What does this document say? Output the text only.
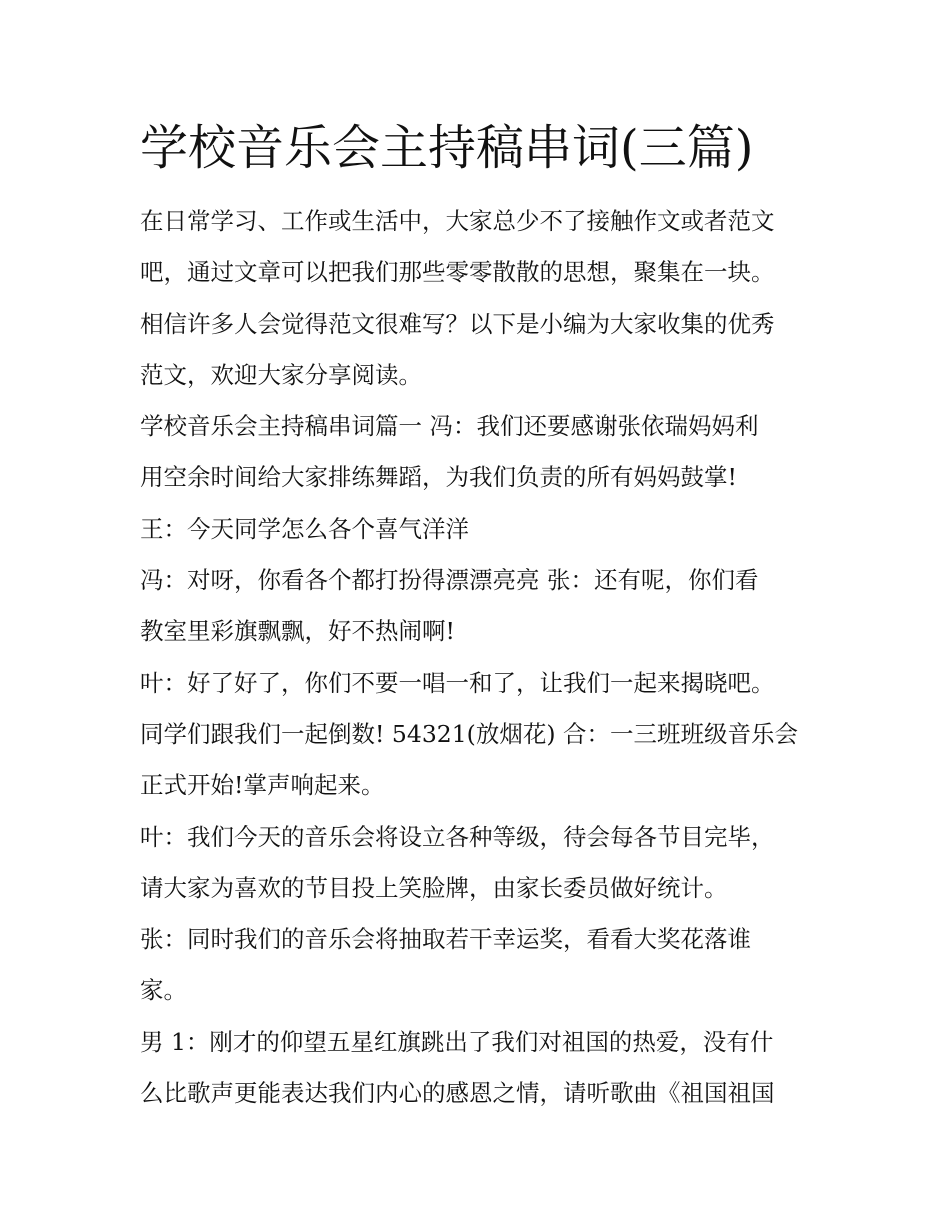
学校音乐会主持稿串词(三篇)
在日常学习、工作或生活中，大家总少不了接触作文或者范文
吧，通过文章可以把我们那些零零散散的思想，聚集在一块。
相信许多人会觉得范文很难写？以下是小编为大家收集的优秀
范文，欢迎大家分享阅读。
学校音乐会主持稿串词篇一 冯：我们还要感谢张依瑞妈妈利
用空余时间给大家排练舞蹈，为我们负责的所有妈妈鼓掌!
王：今天同学怎么各个喜气洋洋
冯：对呀，你看各个都打扮得漂漂亮亮 张：还有呢，你们看
教室里彩旗飘飘，好不热闹啊!
叶：好了好了，你们不要一唱一和了，让我们一起来揭晓吧。
同学们跟我们一起倒数! 54321(放烟花) 合：一三班班级音乐会
正式开始!掌声响起来。
叶：我们今天的音乐会将设立各种等级，待会每各节目完毕，
请大家为喜欢的节目投上笑脸牌，由家长委员做好统计。
张：同时我们的音乐会将抽取若干幸运奖，看看大奖花落谁
家。
男 1：刚才的仰望五星红旗跳出了我们对祖国的热爱，没有什
么比歌声更能表达我们内心的感恩之情，请听歌曲《祖国祖国
